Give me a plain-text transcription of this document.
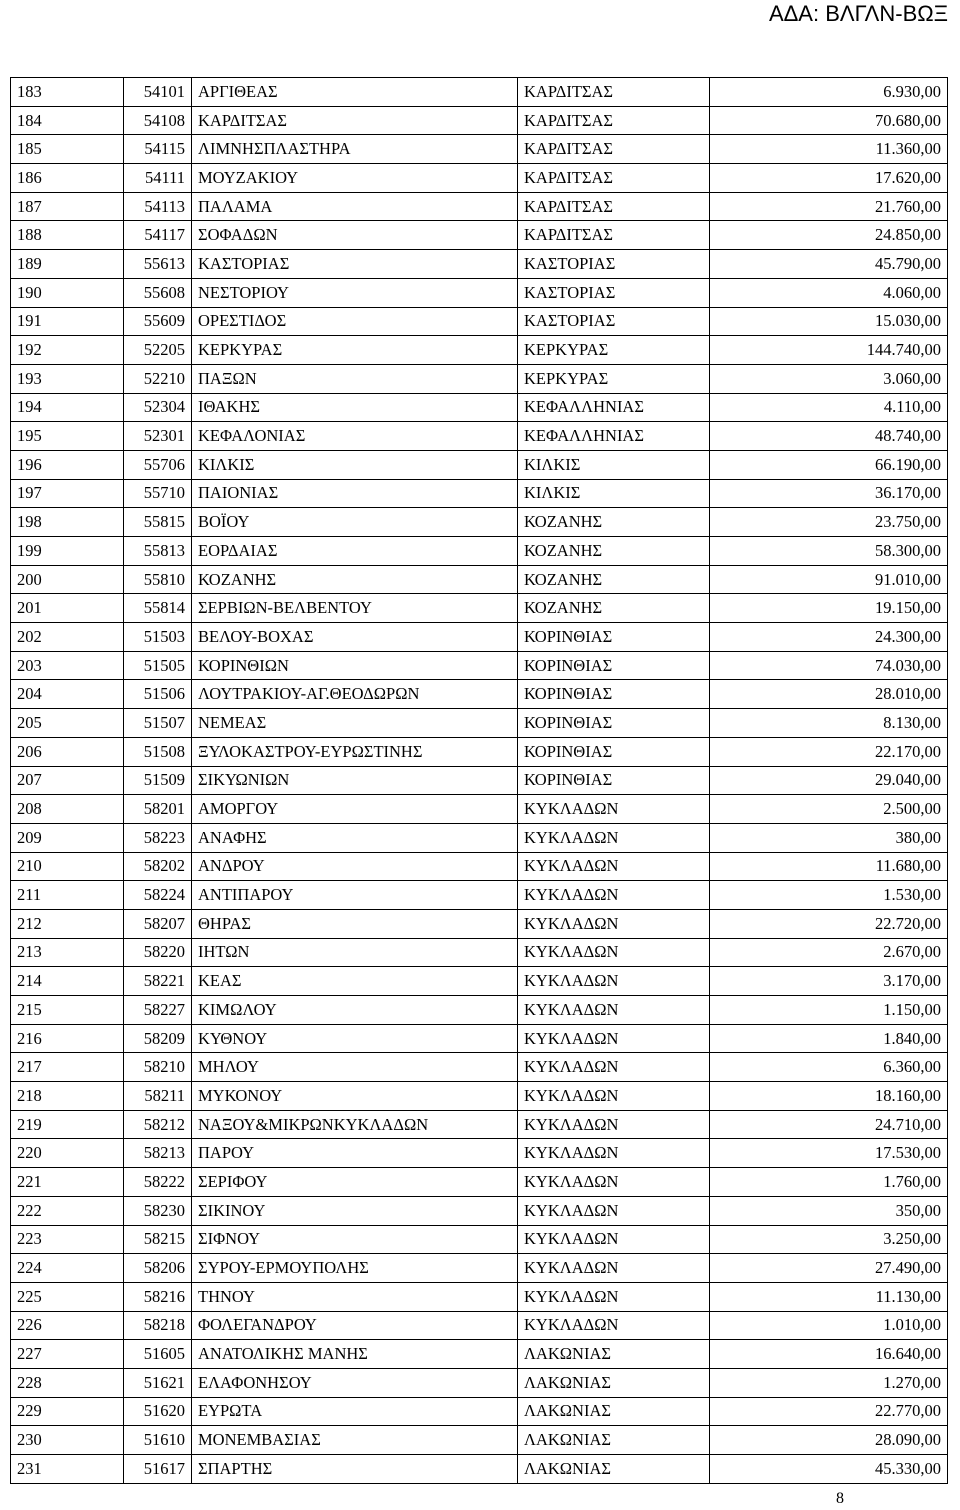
ΑΔΑ: ΒΛΓΛΝ-ΒΩΞ
183	54101	ΑΡΓΙΘΕΑΣ	ΚΑΡΔΙΤΣΑΣ	6.930,00
184	54108	ΚΑΡΔΙΤΣΑΣ	ΚΑΡΔΙΤΣΑΣ	70.680,00
185	54115	ΛΙΜΝΗΣΠΛΑΣΤΗΡΑ	ΚΑΡΔΙΤΣΑΣ	11.360,00
186	54111	ΜΟΥΖΑΚΙΟΥ	ΚΑΡΔΙΤΣΑΣ	17.620,00
187	54113	ΠΑΛΑΜΑ	ΚΑΡΔΙΤΣΑΣ	21.760,00
188	54117	ΣΟΦΑΔΩΝ	ΚΑΡΔΙΤΣΑΣ	24.850,00
189	55613	ΚΑΣΤΟΡΙΑΣ	ΚΑΣΤΟΡΙΑΣ	45.790,00
190	55608	ΝΕΣΤΟΡΙΟΥ	ΚΑΣΤΟΡΙΑΣ	4.060,00
191	55609	ΟΡΕΣΤΙΔΟΣ	ΚΑΣΤΟΡΙΑΣ	15.030,00
192	52205	ΚΕΡΚΥΡΑΣ	ΚΕΡΚΥΡΑΣ	144.740,00
193	52210	ΠΑΞΩΝ	ΚΕΡΚΥΡΑΣ	3.060,00
194	52304	ΙΘΑΚΗΣ	ΚΕΦΑΛΛΗΝΙΑΣ	4.110,00
195	52301	ΚΕΦΑΛΟΝΙΑΣ	ΚΕΦΑΛΛΗΝΙΑΣ	48.740,00
196	55706	ΚΙΛΚΙΣ	ΚΙΛΚΙΣ	66.190,00
197	55710	ΠΑΙΟΝΙΑΣ	ΚΙΛΚΙΣ	36.170,00
198	55815	ΒΟΪΟΥ	ΚΟΖΑΝΗΣ	23.750,00
199	55813	ΕΟΡΔΑΙΑΣ	ΚΟΖΑΝΗΣ	58.300,00
200	55810	ΚΟΖΑΝΗΣ	ΚΟΖΑΝΗΣ	91.010,00
201	55814	ΣΕΡΒΙΩΝ-ΒΕΛΒΕΝΤΟΥ	ΚΟΖΑΝΗΣ	19.150,00
202	51503	ΒΕΛΟΥ-ΒΟΧΑΣ	ΚΟΡΙΝΘΙΑΣ	24.300,00
203	51505	ΚΟΡΙΝΘΙΩΝ	ΚΟΡΙΝΘΙΑΣ	74.030,00
204	51506	ΛΟΥΤΡΑΚΙΟΥ-ΑΓ.ΘΕΟΔΩΡΩΝ	ΚΟΡΙΝΘΙΑΣ	28.010,00
205	51507	ΝΕΜΕΑΣ	ΚΟΡΙΝΘΙΑΣ	8.130,00
206	51508	ΞΥΛΟΚΑΣΤΡΟΥ-ΕΥΡΩΣΤΙΝΗΣ	ΚΟΡΙΝΘΙΑΣ	22.170,00
207	51509	ΣΙΚΥΩΝΙΩΝ	ΚΟΡΙΝΘΙΑΣ	29.040,00
208	58201	ΑΜΟΡΓΟΥ	ΚΥΚΛΑΔΩΝ	2.500,00
209	58223	ΑΝΑΦΗΣ	ΚΥΚΛΑΔΩΝ	380,00
210	58202	ΑΝΔΡΟΥ	ΚΥΚΛΑΔΩΝ	11.680,00
211	58224	ΑΝΤΙΠΑΡΟΥ	ΚΥΚΛΑΔΩΝ	1.530,00
212	58207	ΘΗΡΑΣ	ΚΥΚΛΑΔΩΝ	22.720,00
213	58220	ΙΗΤΩΝ	ΚΥΚΛΑΔΩΝ	2.670,00
214	58221	ΚΕΑΣ	ΚΥΚΛΑΔΩΝ	3.170,00
215	58227	ΚΙΜΩΛΟΥ	ΚΥΚΛΑΔΩΝ	1.150,00
216	58209	ΚΥΘΝΟΥ	ΚΥΚΛΑΔΩΝ	1.840,00
217	58210	ΜΗΛΟΥ	ΚΥΚΛΑΔΩΝ	6.360,00
218	58211	ΜΥΚΟΝΟΥ	ΚΥΚΛΑΔΩΝ	18.160,00
219	58212	ΝΑΞΟΥ&ΜΙΚΡΩΝΚΥΚΛΑΔΩΝ	ΚΥΚΛΑΔΩΝ	24.710,00
220	58213	ΠΑΡΟΥ	ΚΥΚΛΑΔΩΝ	17.530,00
221	58222	ΣΕΡΙΦΟΥ	ΚΥΚΛΑΔΩΝ	1.760,00
222	58230	ΣΙΚΙΝΟΥ	ΚΥΚΛΑΔΩΝ	350,00
223	58215	ΣΙΦΝΟΥ	ΚΥΚΛΑΔΩΝ	3.250,00
224	58206	ΣΥΡΟΥ-ΕΡΜΟΥΠΟΛΗΣ	ΚΥΚΛΑΔΩΝ	27.490,00
225	58216	ΤΗΝΟΥ	ΚΥΚΛΑΔΩΝ	11.130,00
226	58218	ΦΟΛΕΓΑΝΔΡΟΥ	ΚΥΚΛΑΔΩΝ	1.010,00
227	51605	ΑΝΑΤΟΛΙΚΗΣ ΜΑΝΗΣ	ΛΑΚΩΝΙΑΣ	16.640,00
228	51621	ΕΛΑΦΟΝΗΣΟΥ	ΛΑΚΩΝΙΑΣ	1.270,00
229	51620	ΕΥΡΩΤΑ	ΛΑΚΩΝΙΑΣ	22.770,00
230	51610	ΜΟΝΕΜΒΑΣΙΑΣ	ΛΑΚΩΝΙΑΣ	28.090,00
231	51617	ΣΠΑΡΤΗΣ	ΛΑΚΩΝΙΑΣ	45.330,00
8
